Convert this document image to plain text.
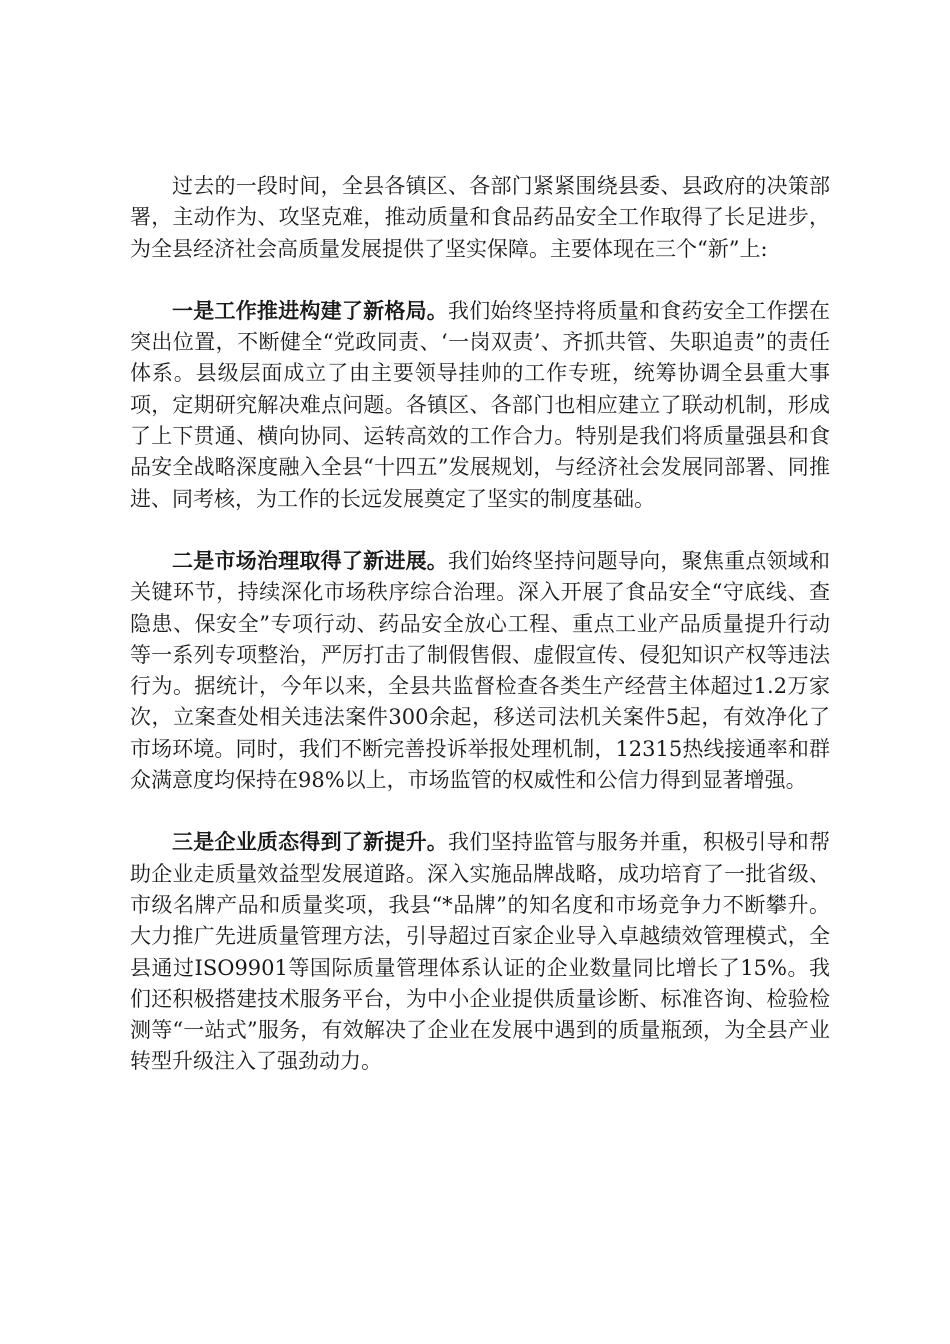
过去的一段时间，全县各镇区、各部门紧紧围绕县委、县政府的决策部署，主动作为、攻坚克难，推动质量和食品药品安全工作取得了长足进步，为全县经济社会高质量发展提供了坚实保障。主要体现在三个“新”上:

一是工作推进构建了新格局。我们始终坚持将质量和食药安全工作摆在突出位置，不断健全“党政同责、‘一岗双责’、齐抓共管、失职追责”的责任体系。县级层面成立了由主要领导挂帅的工作专班，统筹协调全县重大事项，定期研究解决难点问题。各镇区、各部门也相应建立了联动机制，形成了上下贯通、横向协同、运转高效的工作合力。特别是我们将质量强县和食品安全战略深度融入全县“十四五”发展规划，与经济社会发展同部署、同推进、同考核，为工作的长远发展奠定了坚实的制度基础。

二是市场治理取得了新进展。我们始终坚持问题导向，聚焦重点领域和关键环节，持续深化市场秩序综合治理。深入开展了食品安全“守底线、查隐患、保安全”专项行动、药品安全放心工程、重点工业产品质量提升行动等一系列专项整治，严厉打击了制假售假、虚假宣传、侵犯知识产权等违法行为。据统计，今年以来，全县共监督检查各类生产经营主体超过1.2万家次，立案查处相关违法案件300余起，移送司法机关案件5起，有效净化了市场环境。同时，我们不断完善投诉举报处理机制，12315热线接通率和群众满意度均保持在98%以上，市场监管的权威性和公信力得到显著增强。

三是企业质态得到了新提升。我们坚持监管与服务并重，积极引导和帮助企业走质量效益型发展道路。深入实施品牌战略，成功培育了一批省级、市级名牌产品和质量奖项，我县“*品牌”的知名度和市场竞争力不断攀升。大力推广先进质量管理方法，引导超过百家企业导入卓越绩效管理模式，全县通过ISO9901等国际质量管理体系认证的企业数量同比增长了15%。我们还积极搭建技术服务平台，为中小企业提供质量诊断、标准咨询、检验检测等“一站式”服务，有效解决了企业在发展中遇到的质量瓶颈，为全县产业转型升级注入了强劲动力。
